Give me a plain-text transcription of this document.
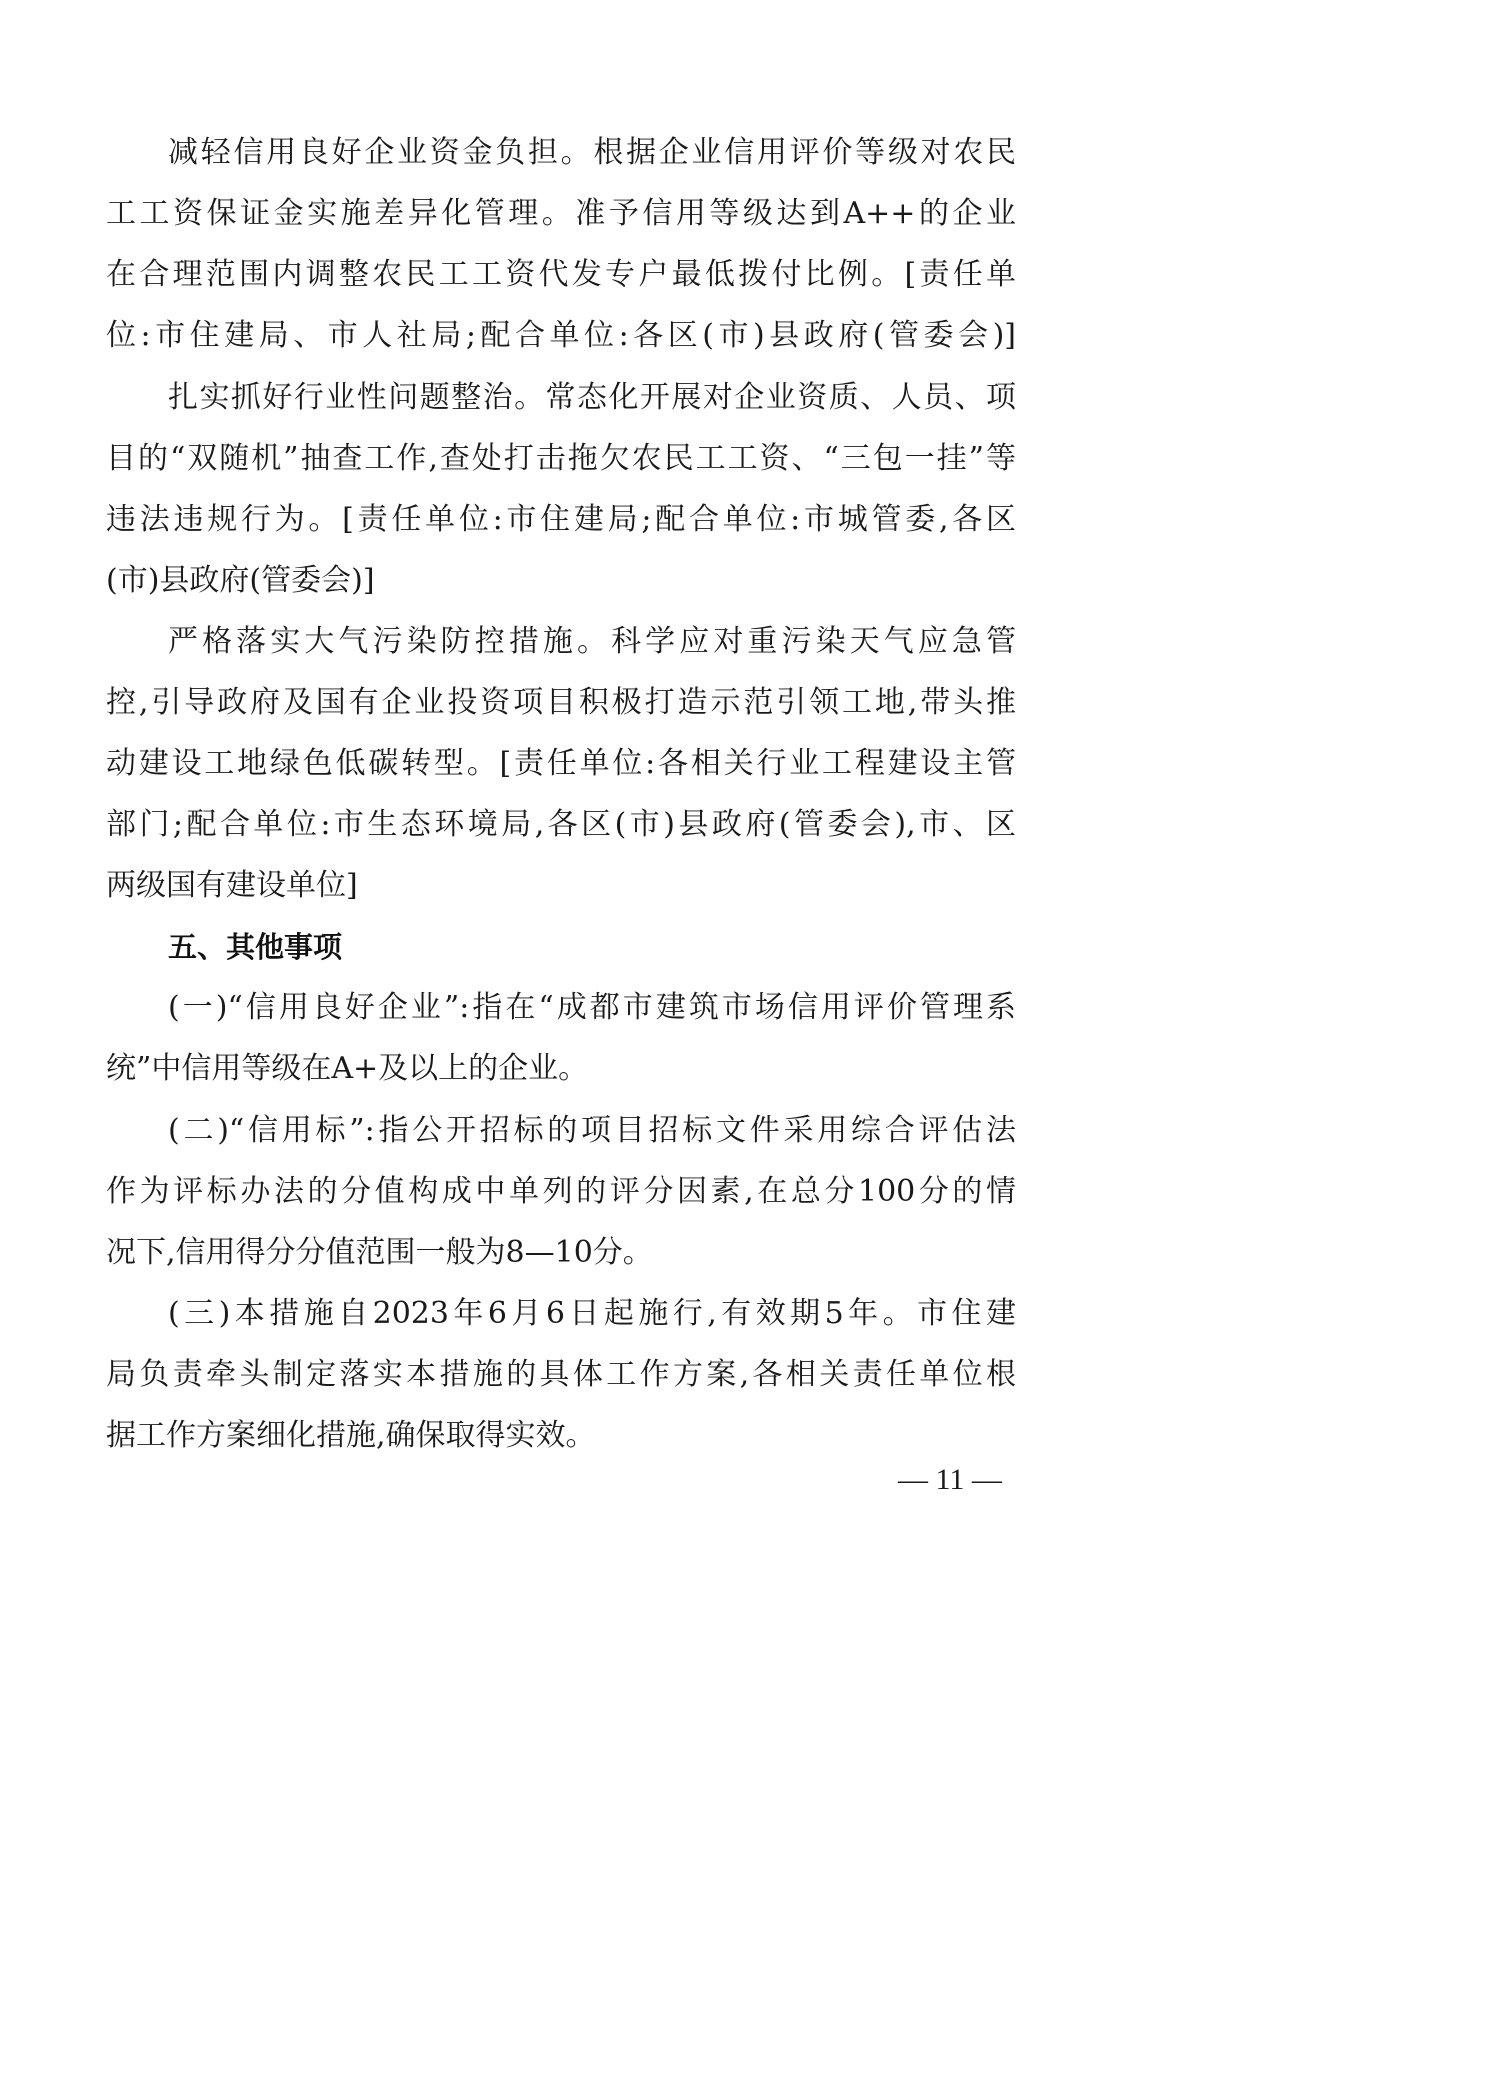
减轻信用良好企业资金负担。根据企业信用评价等级对农民
工工资保证金实施差异化管理。准予信用等级达到A++的企业
在合理范围内调整农民工工资代发专户最低拨付比例。[责任单
位:市住建局、市人社局;配合单位:各区(市)县政府(管委会)]
扎实抓好行业性问题整治。常态化开展对企业资质、人员、项
目的“双随机”抽查工作,查处打击拖欠农民工工资、“三包一挂”等
违法违规行为。[责任单位:市住建局;配合单位:市城管委,各区
(市)县政府(管委会)]
严格落实大气污染防控措施。科学应对重污染天气应急管
控,引导政府及国有企业投资项目积极打造示范引领工地,带头推
动建设工地绿色低碳转型。[责任单位:各相关行业工程建设主管
部门;配合单位:市生态环境局,各区(市)县政府(管委会),市、区
两级国有建设单位]
五、其他事项
(一)“信用良好企业”:指在“成都市建筑市场信用评价管理系
统”中信用等级在A+及以上的企业。
(二)“信用标”:指公开招标的项目招标文件采用综合评估法
作为评标办法的分值构成中单列的评分因素,在总分100分的情
况下,信用得分分值范围一般为8—10分。
(三)本措施自2023年6月6日起施行,有效期5年。市住建
局负责牵头制定落实本措施的具体工作方案,各相关责任单位根
据工作方案细化措施,确保取得实效。
— 11 —
